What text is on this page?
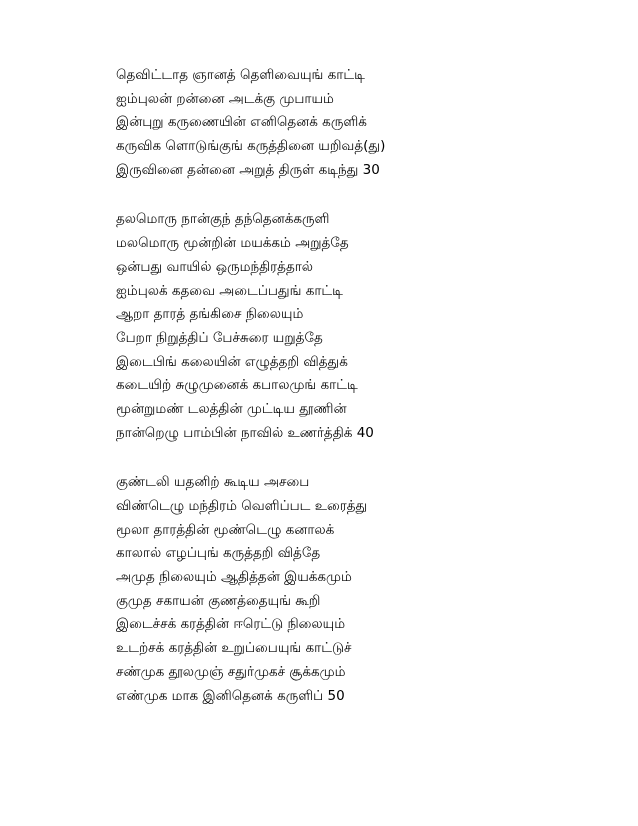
தெவிட்டாத ஞானத் தெளிவையுங் காட்டி
ஐம்புலன் றன்னை அடக்கு முபாயம்
இன்புறு கருணையின் எனிதெனக் கருளிக்
கருவிக ளொடுங்குங் கருத்தினை யறிவத்(து)
இருவினை தன்னை அறுத் திருள் கடிந்து 30
தலமொரு நான்குந் தந்தெனக்கருளி
மலமொரு மூன்றின் மயக்கம் அறுத்தே
ஒன்பது வாயில் ஒருமந்திரத்தால்
ஐம்புலக் கதவை அடைப்பதுங் காட்டி
ஆறா தாரத் தங்கிசை நிலையும்
பேறா நிறுத்திப் பேச்சுரை யறுத்தே
இடைபிங் கலையின் எழுத்தறி வித்துக்
கடையிற் சுழுமுனைக் கபாலமுங் காட்டி
மூன்றுமண் டலத்தின் முட்டிய தூணின்
நான்றெழு பாம்பின் நாவில் உணர்த்திக் 40
குண்டலி யதனிற் கூடிய அசபை
விண்டெழு மந்திரம் வெளிப்பட உரைத்து
மூலா தாரத்தின் மூண்டெழு கனாலக்
காலால் எழப்புங் கருத்தறி வித்தே
அமுத நிலையும் ஆதித்தன் இயக்கமும்
குமுத சகாயன் குணத்தையுங் கூறி
இடைச்சக் கரத்தின் ஈரெட்டு நிலையும்
உடற்சக் கரத்தின் உறுப்பையுங் காட்டுச்
சண்முக தூலமுஞ் சதுர்முகச் சூக்கமும்
எண்முக மாக இனிதெனக் கருளிப் 50
